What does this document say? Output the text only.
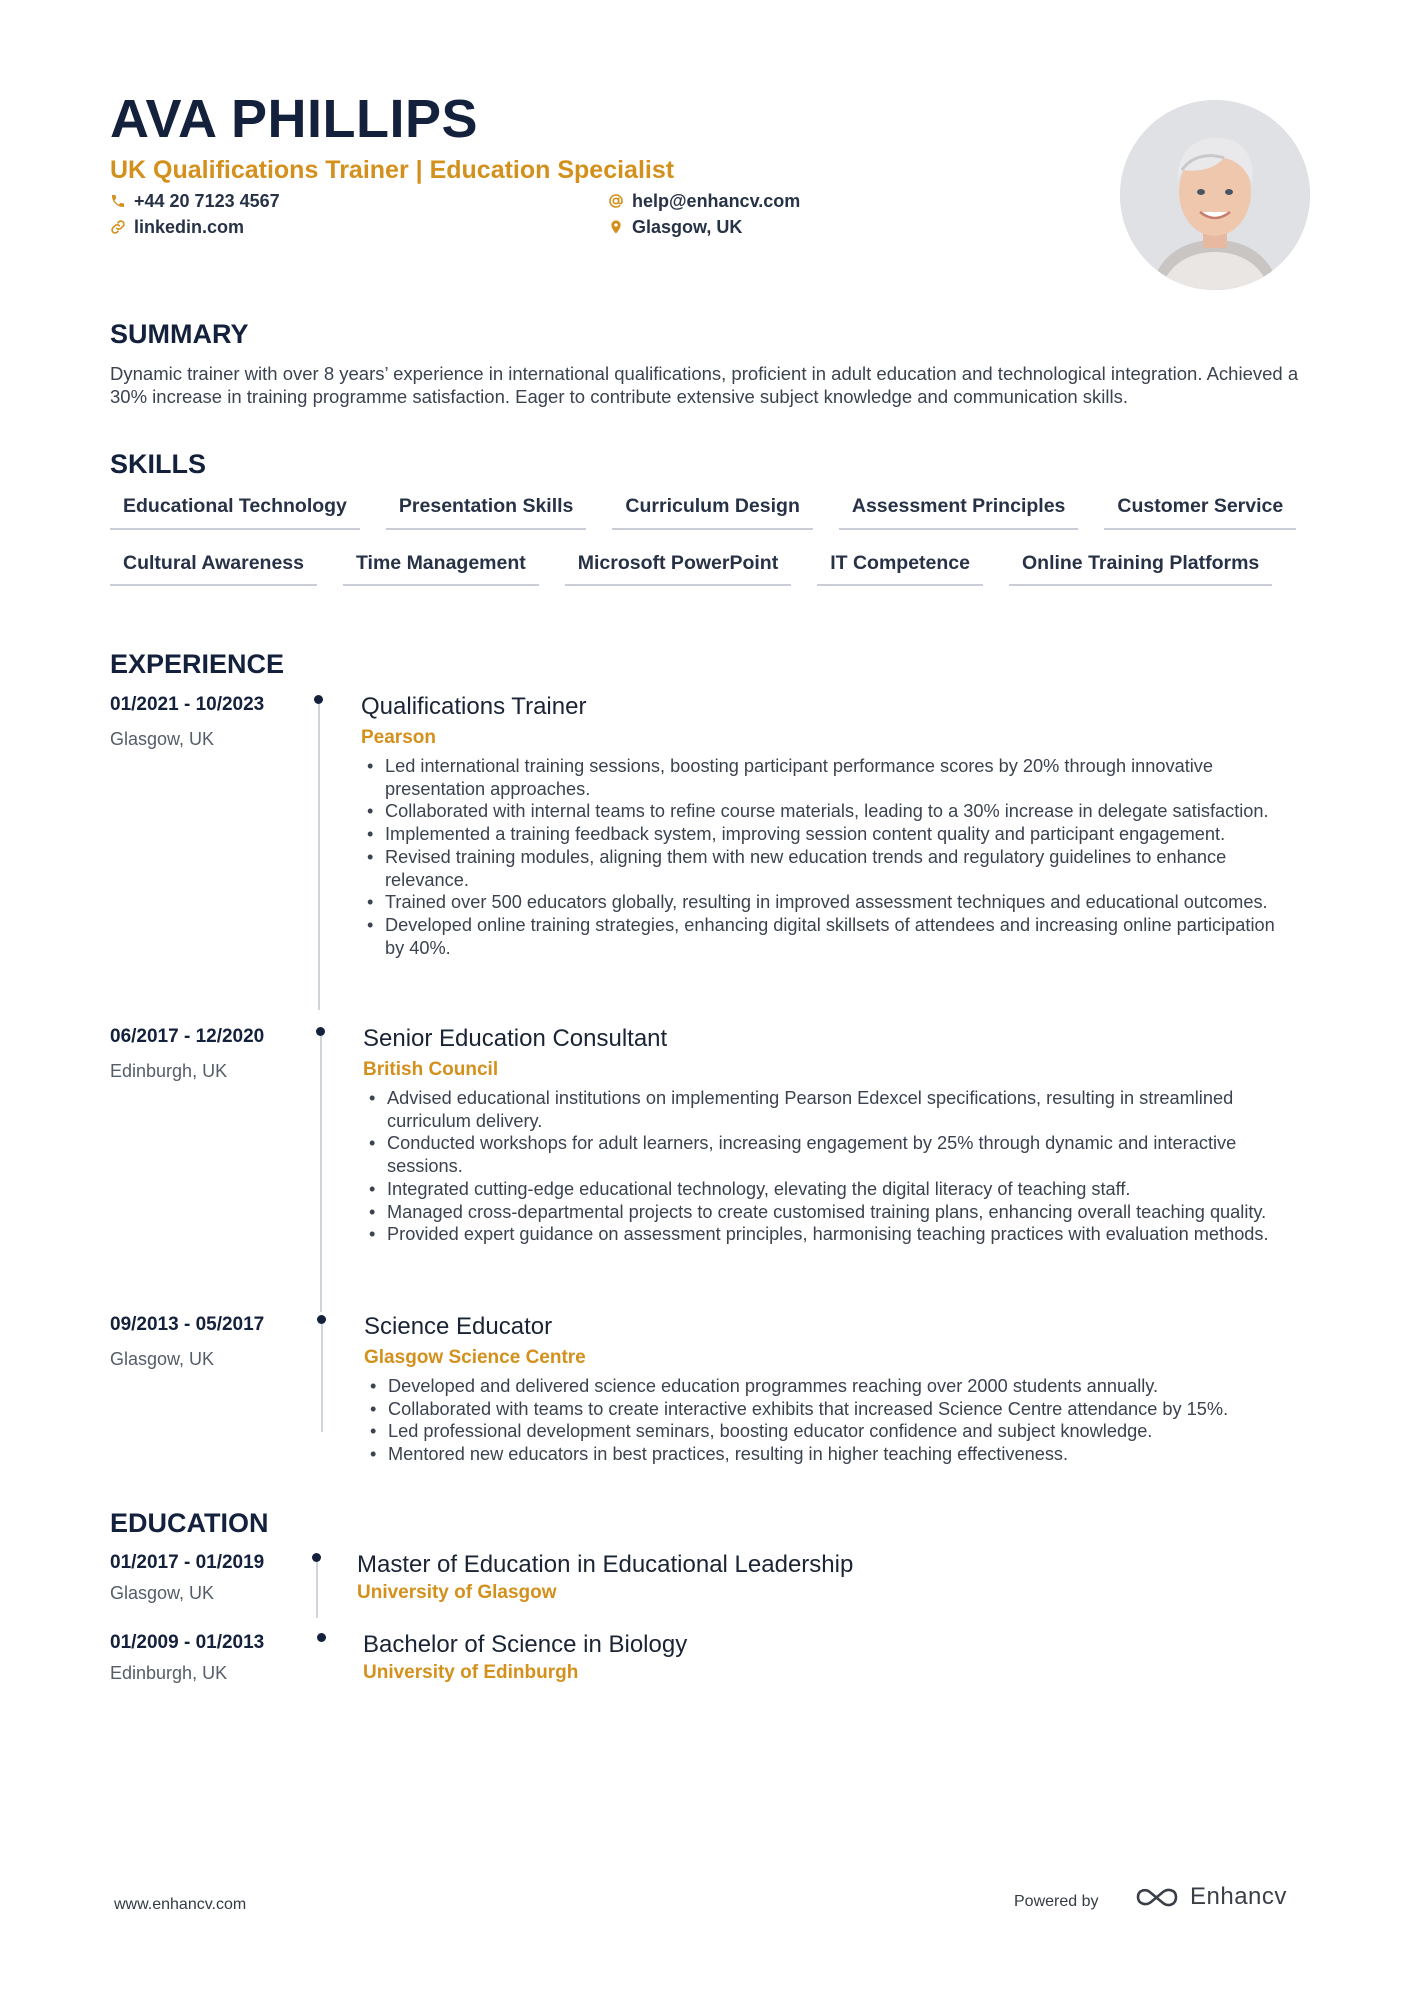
AVA PHILLIPS
UK Qualifications Trainer | Education Specialist
+44 20 7123 4567	help@enhancv.com
linkedin.com	Glasgow, UK
SUMMARY
Dynamic trainer with over 8 years’ experience in international qualifications, proficient in adult education and technological integration. Achieved a 30% increase in training programme satisfaction. Eager to contribute extensive subject knowledge and communication skills.
SKILLS
Educational Technology	Presentation Skills	Curriculum Design	Assessment Principles	Customer Service
Cultural Awareness	Time Management	Microsoft PowerPoint	IT Competence	Online Training Platforms
EXPERIENCE
01/2021 - 10/2023
Glasgow, UK
Qualifications Trainer
Pearson
• Led international training sessions, boosting participant performance scores by 20% through innovative presentation approaches.
• Collaborated with internal teams to refine course materials, leading to a 30% increase in delegate satisfaction.
• Implemented a training feedback system, improving session content quality and participant engagement.
• Revised training modules, aligning them with new education trends and regulatory guidelines to enhance relevance.
• Trained over 500 educators globally, resulting in improved assessment techniques and educational outcomes.
• Developed online training strategies, enhancing digital skillsets of attendees and increasing online participation by 40%.
06/2017 - 12/2020
Edinburgh, UK
Senior Education Consultant
British Council
• Advised educational institutions on implementing Pearson Edexcel specifications, resulting in streamlined curriculum delivery.
• Conducted workshops for adult learners, increasing engagement by 25% through dynamic and interactive sessions.
• Integrated cutting-edge educational technology, elevating the digital literacy of teaching staff.
• Managed cross-departmental projects to create customised training plans, enhancing overall teaching quality.
• Provided expert guidance on assessment principles, harmonising teaching practices with evaluation methods.
09/2013 - 05/2017
Glasgow, UK
Science Educator
Glasgow Science Centre
• Developed and delivered science education programmes reaching over 2000 students annually.
• Collaborated with teams to create interactive exhibits that increased Science Centre attendance by 15%.
• Led professional development seminars, boosting educator confidence and subject knowledge.
• Mentored new educators in best practices, resulting in higher teaching effectiveness.
EDUCATION
01/2017 - 01/2019
Glasgow, UK
Master of Education in Educational Leadership
University of Glasgow
01/2009 - 01/2013
Edinburgh, UK
Bachelor of Science in Biology
University of Edinburgh
www.enhancv.com	Powered by	Enhancv
